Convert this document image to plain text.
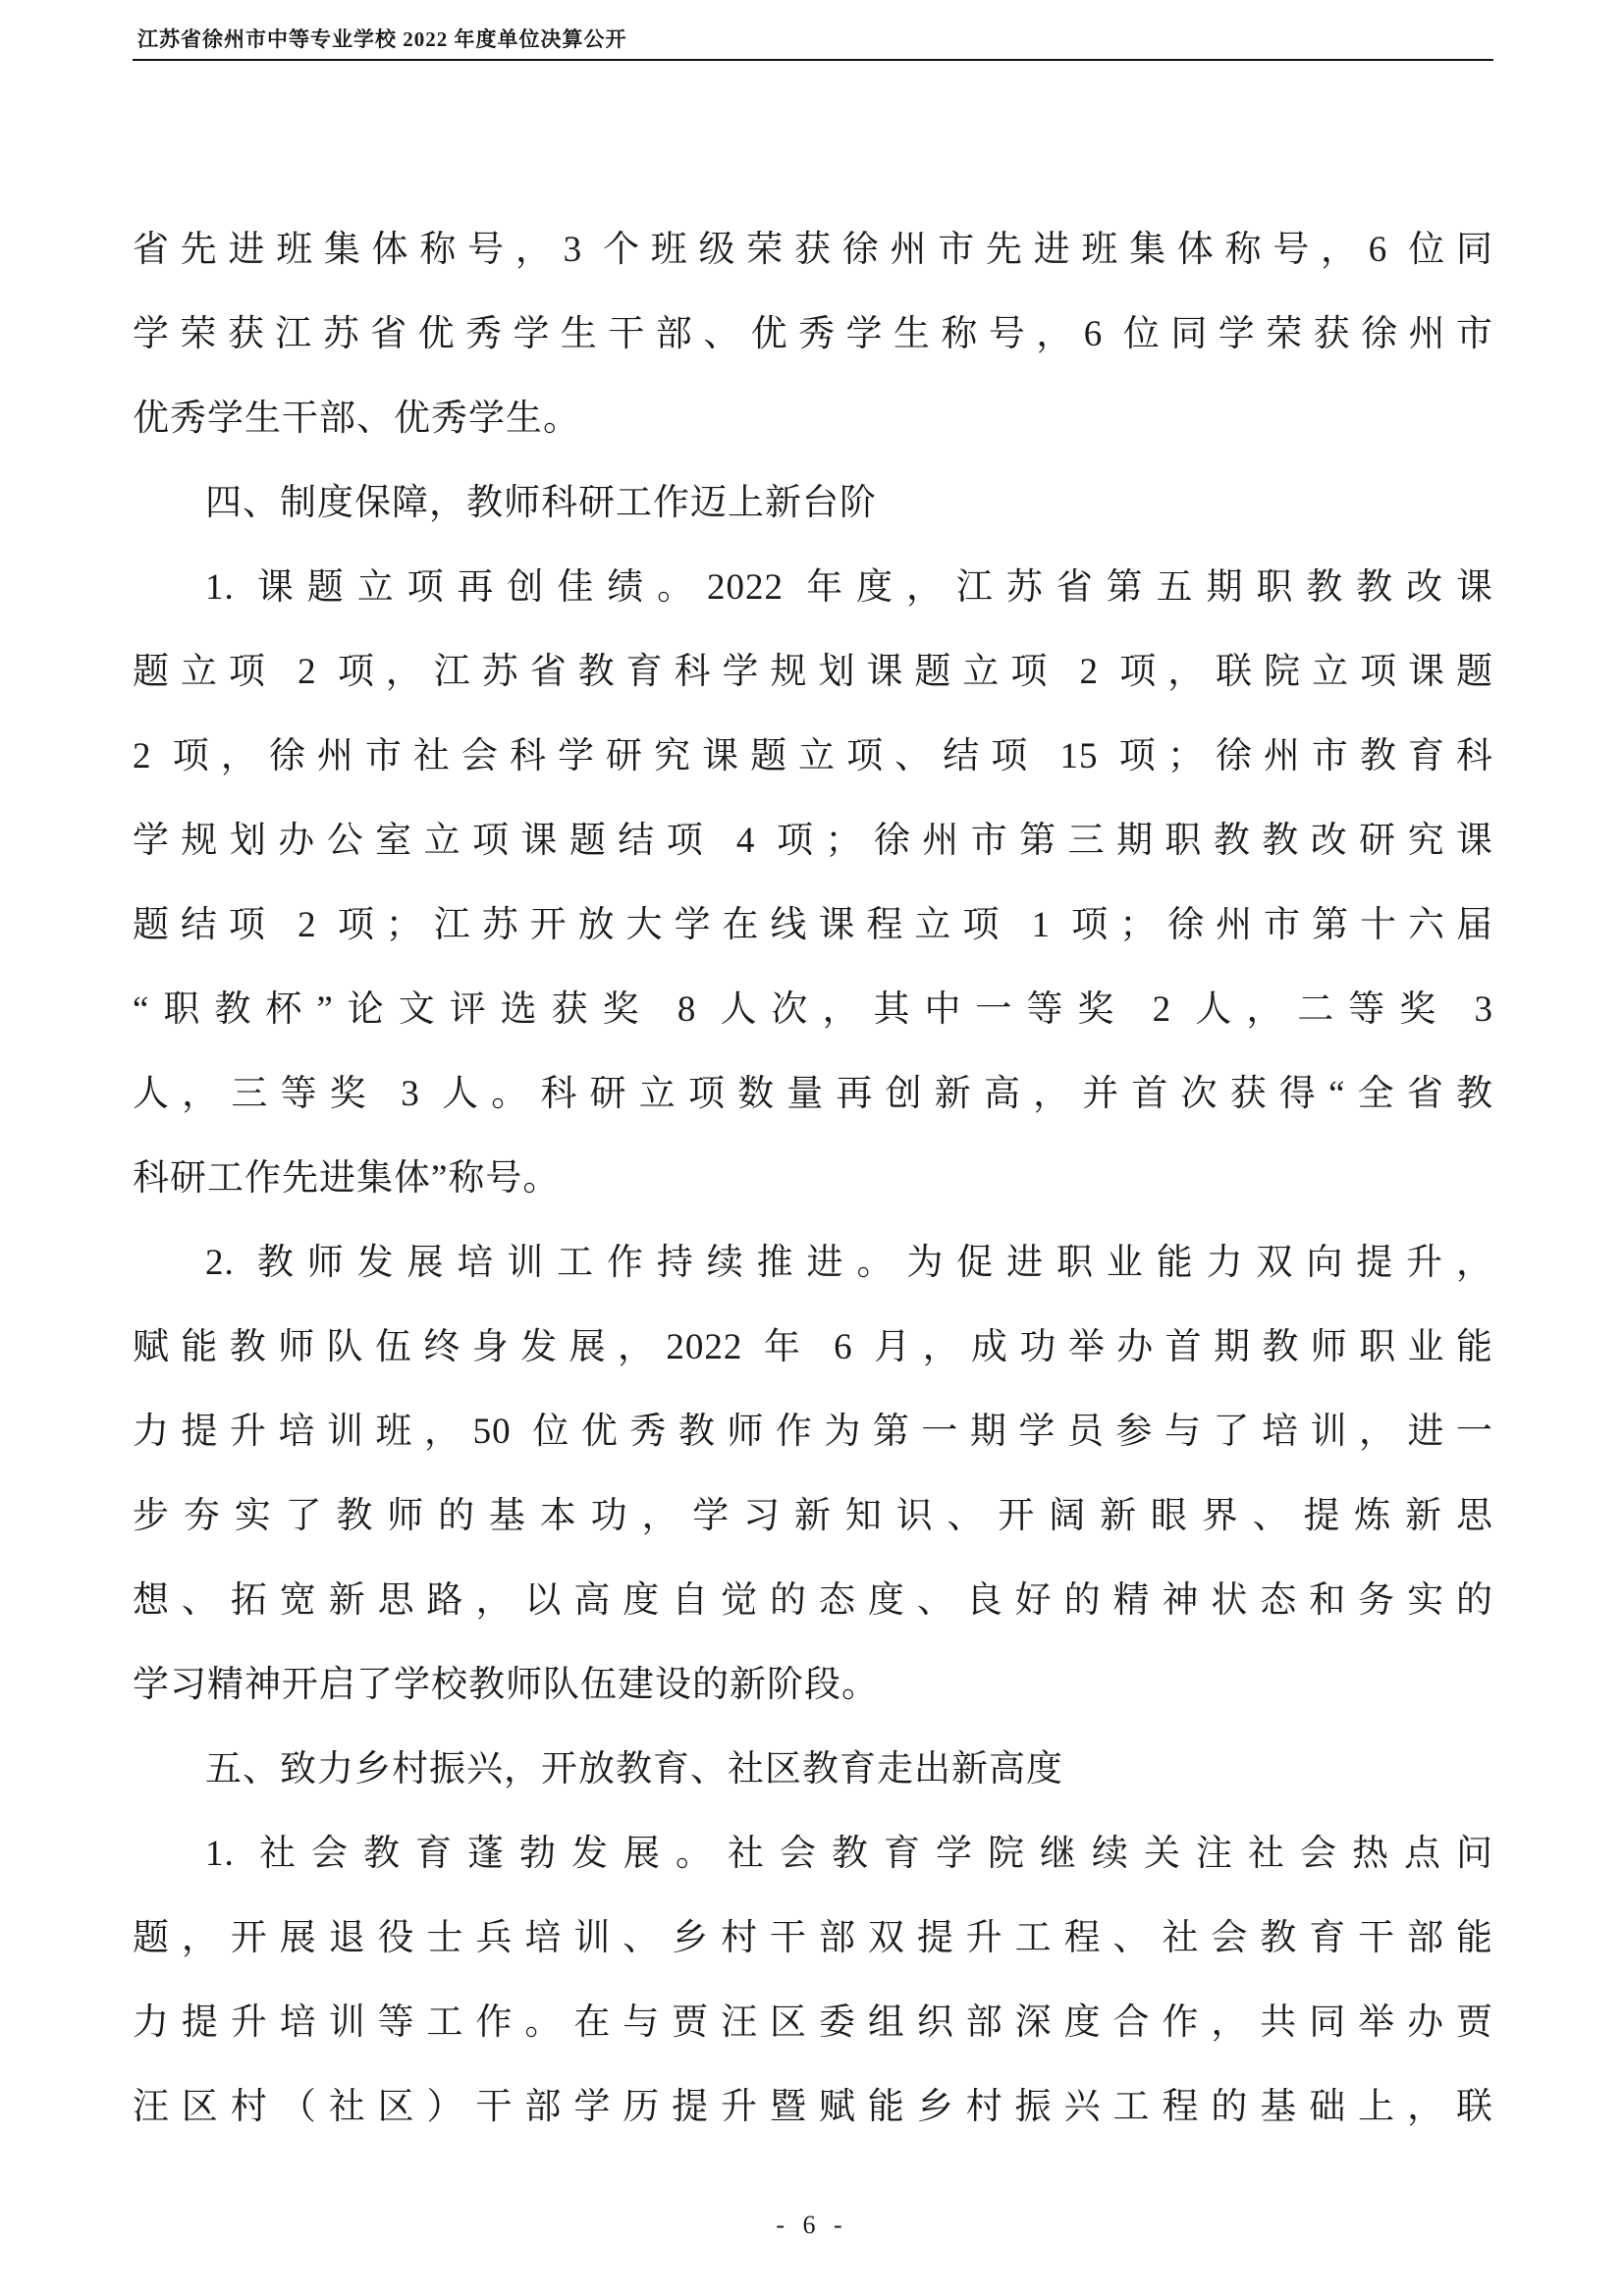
江苏省徐州市中等专业学校 2022 年度单位决算公开
省先进班集体称号，3 个班级荣获徐州市先进班集体称号，6 位同
学荣获江苏省优秀学生干部、优秀学生称号，6 位同学荣获徐州市
优秀学生干部、优秀学生。
四、制度保障，教师科研工作迈上新台阶
1. 课题立项再创佳绩。2022 年度，江苏省第五期职教教改课
题立项 2 项，江苏省教育科学规划课题立项 2 项，联院立项课题
2 项，徐州市社会科学研究课题立项、结项 15 项；徐州市教育科
学规划办公室立项课题结项 4 项；徐州市第三期职教教改研究课
题结项 2 项；江苏开放大学在线课程立项 1 项；徐州市第十六届
“职教杯”论文评选获奖 8 人次，其中一等奖 2 人，二等奖 3
人，三等奖 3 人。科研立项数量再创新高，并首次获得“全省教
科研工作先进集体”称号。
2. 教师发展培训工作持续推进。为促进职业能力双向提升，
赋能教师队伍终身发展，2022 年 6 月，成功举办首期教师职业能
力提升培训班，50 位优秀教师作为第一期学员参与了培训，进一
步夯实了教师的基本功，学习新知识、开阔新眼界、提炼新思
想、拓宽新思路，以高度自觉的态度、良好的精神状态和务实的
学习精神开启了学校教师队伍建设的新阶段。
五、致力乡村振兴，开放教育、社区教育走出新高度
1. 社会教育蓬勃发展。社会教育学院继续关注社会热点问
题，开展退役士兵培训、乡村干部双提升工程、社会教育干部能
力提升培训等工作。在与贾汪区委组织部深度合作，共同举办贾
汪区村（社区）干部学历提升暨赋能乡村振兴工程的基础上，联
- 6 -
